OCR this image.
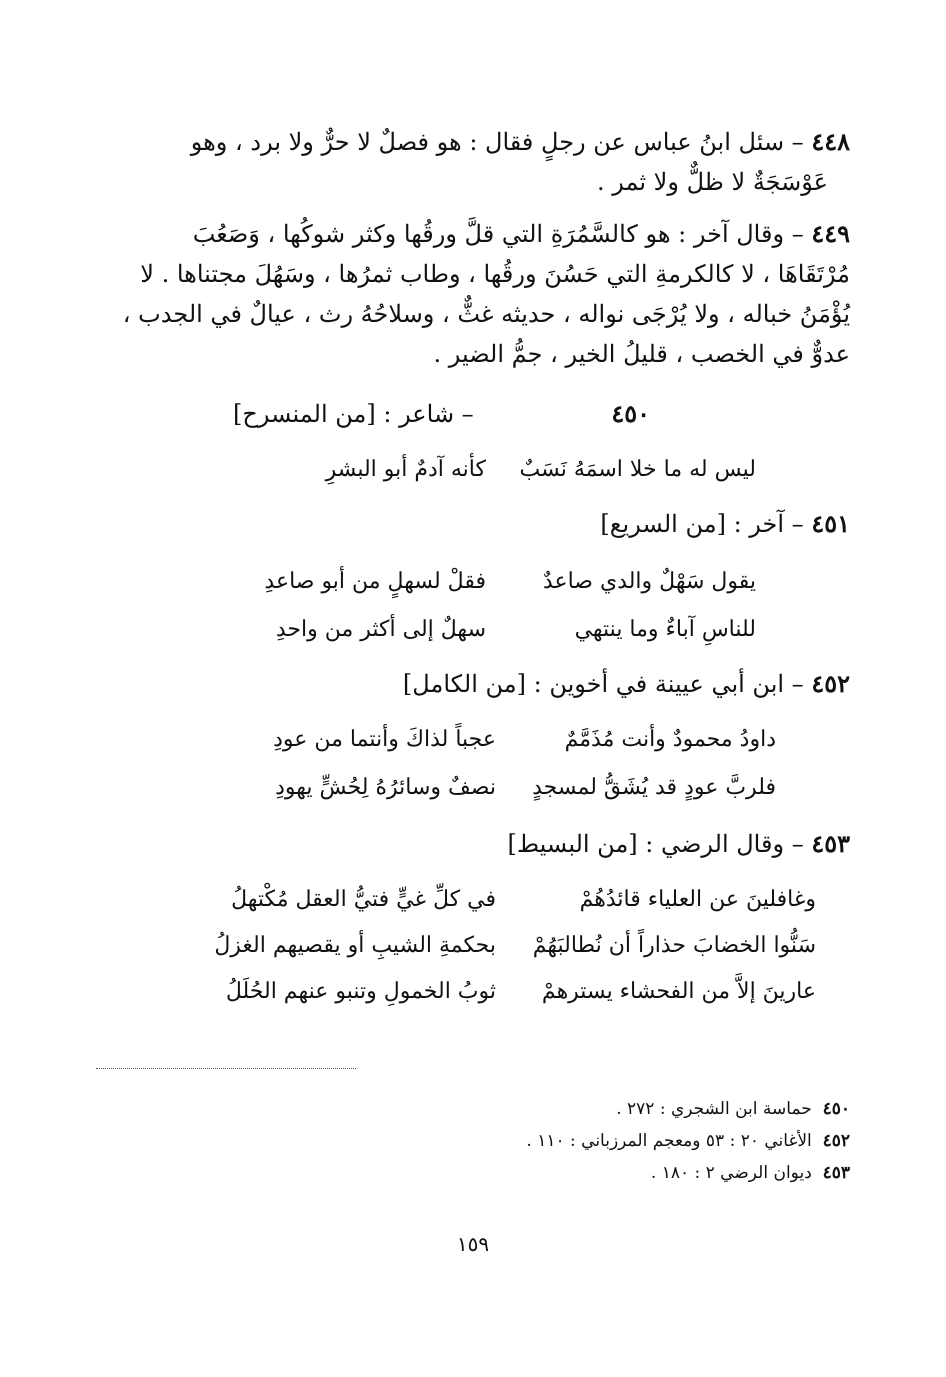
٤٤٨ – سئل ابنُ عباس عن رجلٍ فقال : هو فصلٌ لا حرٌّ ولا برد ، وهو
عَوْسَجَةٌ لا ظلٌّ ولا ثمر .
٤٤٩ – وقال آخر : هو كالسَّمُرَةِ التي قلَّ ورقُها وكثر شوكُها ، وَصَعُبَ
مُرْتَقَاهَا ، لا كالكرمةِ التي حَسُنَ ورقُها ، وطاب ثمرُها ، وسَهُلَ مجتناها . لا
يُؤْمَنُ خباله ، ولا يُرْجَى نواله ، حديثه غثٌّ ، وسلاحُهُ رث ، عيالٌ في الجدب ،
عدوٌّ في الخصب ، قليلُ الخير ، جمُّ الضير .
٤٥٠ – شاعر : [من المنسرح]
ليس له ما خلا اسمَهُ نَسَبٌ
كأنه آدمٌ أبو البشرِ
٤٥١ – آخر : [من السريع]
يقول سَهْلٌ والدي صاعدٌ
فقلْ لسهلٍ من أبو صاعدِ
للناسِ آباءٌ وما ينتهي
سهلٌ إلى أكثر من واحدِ
٤٥٢ – ابن أبي عيينة في أخوين : [من الكامل]
داودُ محمودٌ وأنت مُذَمَّمٌ
عجباً لذاكَ وأنتما من عودِ
فلربَّ عودٍ قد يُشَقُّ لمسجدٍ
نصفٌ وسائرُهُ لِحُشٍّ يهودِ
٤٥٣ – وقال الرضي : [من البسيط]
وغافلينَ عن العلياء قائدُهُمْ
في كلِّ غيٍّ فتيُّ العقل مُكْتهلُ
سَنُّوا الخضابَ حذاراً أن نُطالبَهُمْ
بحكمةِ الشيبِ أو يقصيهم الغزلُ
عارينَ إلاَّ من الفحشاء يسترهمْ
ثوبُ الخمولِ وتنبو عنهم الحُلَلُ
٤٥٠  حماسة ابن الشجري : ٢٧٢ .
٤٥٢  الأغاني ٢٠ : ٥٣ ومعجم المرزباني : ١١٠ .
٤٥٣  ديوان الرضي ٢ : ١٨٠ .
١٥٩
